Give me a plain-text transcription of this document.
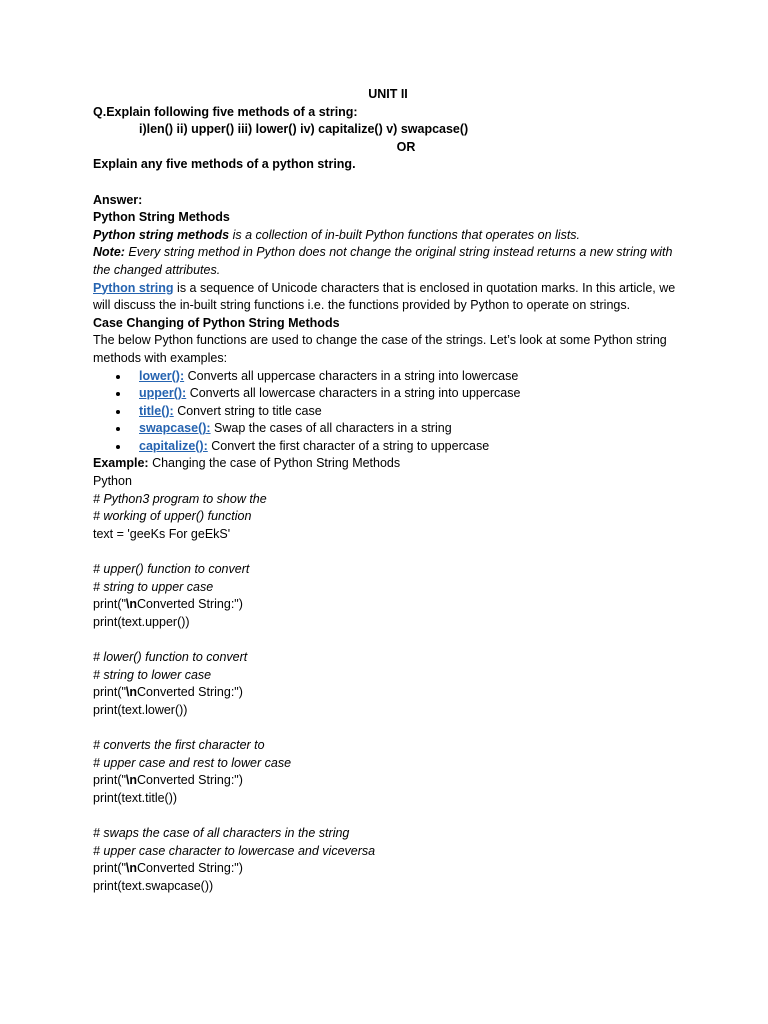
UNIT II
Q.Explain following five methods of a string:
i)len() ii) upper() iii) lower() iv) capitalize() v) swapcase()
OR
Explain any five methods of a python string.
Answer:
Python String Methods
Python string methods is a collection of in-built Python functions that operates on lists.
Note: Every string method in Python does not change the original string instead returns a new string with the changed attributes.
Python string is a sequence of Unicode characters that is enclosed in quotation marks. In this article, we will discuss the in-built string functions i.e. the functions provided by Python to operate on strings.
Case Changing of Python String Methods
The below Python functions are used to change the case of the strings. Let’s look at some Python string methods with examples:
lower(): Converts all uppercase characters in a string into lowercase
upper(): Converts all lowercase characters in a string into uppercase
title(): Convert string to title case
swapcase(): Swap the cases of all characters in a string
capitalize(): Convert the first character of a string to uppercase
Example: Changing the case of Python String Methods
Python
# Python3 program to show the
# working of upper() function
text = 'geeKs For geEkS'
# upper() function to convert
# string to upper case
print("\nConverted String:")
print(text.upper())
# lower() function to convert
# string to lower case
print("\nConverted String:")
print(text.lower())
# converts the first character to
# upper case and rest to lower case
print("\nConverted String:")
print(text.title())
# swaps the case of all characters in the string
# upper case character to lowercase and viceversa
print("\nConverted String:")
print(text.swapcase())
